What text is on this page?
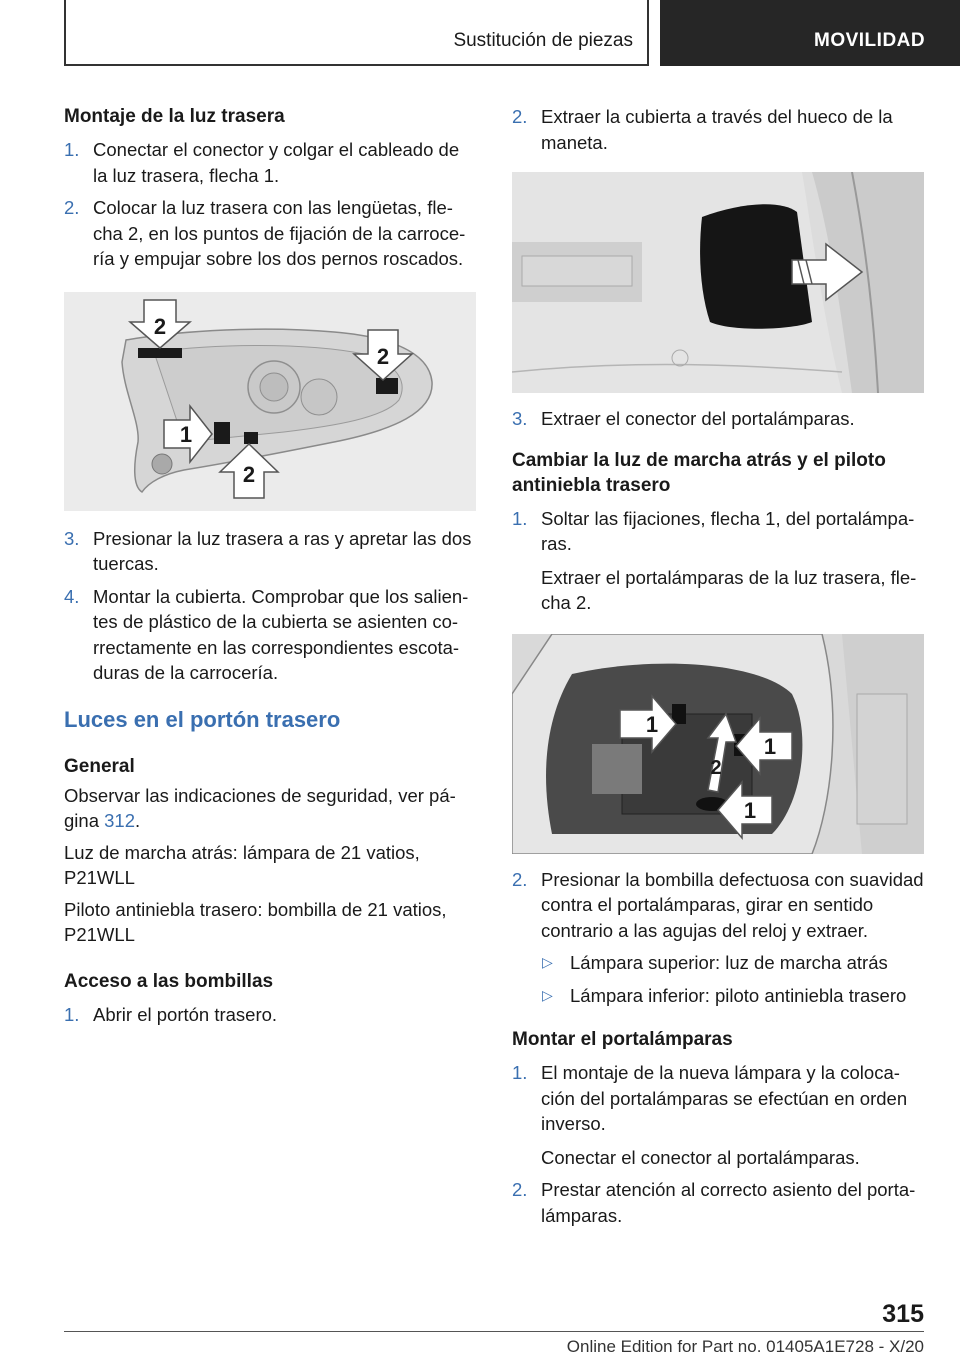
Sustitución de piezas	MOVILIDAD
Montaje de la luz trasera
1. Conectar el conector y colgar el cableado de la luz trasera, flecha 1.
2. Colocar la luz trasera con las lengüetas, flecha 2, en los puntos de fijación de la carrocería y empujar sobre los dos pernos roscados.
2
2
1
2
3. Presionar la luz trasera a ras y apretar las dos tuercas.
4. Montar la cubierta. Comprobar que los salientes de plástico de la cubierta se asienten correctamente en las correspondientes escotaduras de la carrocería.
Luces en el portón trasero
General
Observar las indicaciones de seguridad, ver página 312.
Luz de marcha atrás: lámpara de 21 vatios, P21WLL
Piloto antiniebla trasero: bombilla de 21 vatios, P21WLL
Acceso a las bombillas
1. Abrir el portón trasero.
2. Extraer la cubierta a través del hueco de la maneta.
3. Extraer el conector del portalámparas.
Cambiar la luz de marcha atrás y el piloto antiniebla trasero
1. Soltar las fijaciones, flecha 1, del portalámparas.
Extraer el portalámparas de la luz trasera, flecha 2.
1
1
2
1
2. Presionar la bombilla defectuosa con suavidad contra el portalámparas, girar en sentido contrario a las agujas del reloj y extraer.
▷ Lámpara superior: luz de marcha atrás
▷ Lámpara inferior: piloto antiniebla trasero
Montar el portalámparas
1. El montaje de la nueva lámpara y la colocación del portalámparas se efectúan en orden inverso.
Conectar el conector al portalámparas.
2. Prestar atención al correcto asiento del portalámparas.
315
Online Edition for Part no. 01405A1E728 - X/20
